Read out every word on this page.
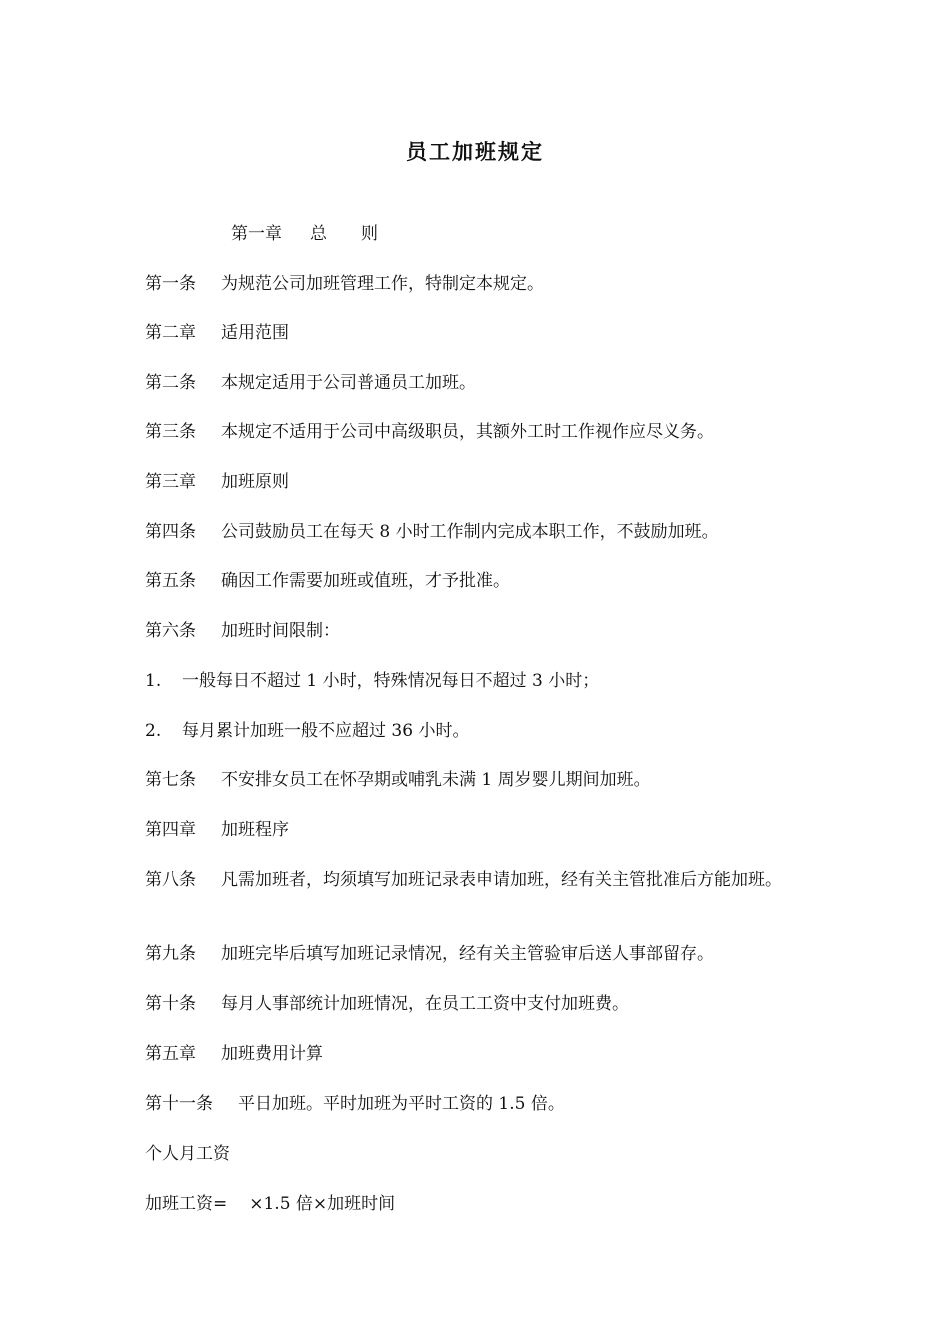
员工加班规定
第一章 总　　则
第一条 为规范公司加班管理工作，特制定本规定。
第二章 适用范围
第二条 本规定适用于公司普通员工加班。
第三条 本规定不适用于公司中高级职员，其额外工时工作视作应尽义务。
第三章 加班原则
第四条 公司鼓励员工在每天 8 小时工作制内完成本职工作，不鼓励加班。
第五条 确因工作需要加班或值班，才予批准。
第六条 加班时间限制：
1. 一般每日不超过 1 小时，特殊情况每日不超过 3 小时；
2. 每月累计加班一般不应超过 36 小时。
第七条 不安排女员工在怀孕期或哺乳未满 1 周岁婴儿期间加班。
第四章 加班程序
第八条 凡需加班者，均须填写加班记录表申请加班，经有关主管批准后方能加班。
第九条 加班完毕后填写加班记录情况，经有关主管验审后送人事部留存。
第十条 每月人事部统计加班情况，在员工工资中支付加班费。
第五章 加班费用计算
第十一条 平日加班。平时加班为平时工资的 1.5 倍。
个人月工资
加班工资= ×1.5 倍×加班时间
